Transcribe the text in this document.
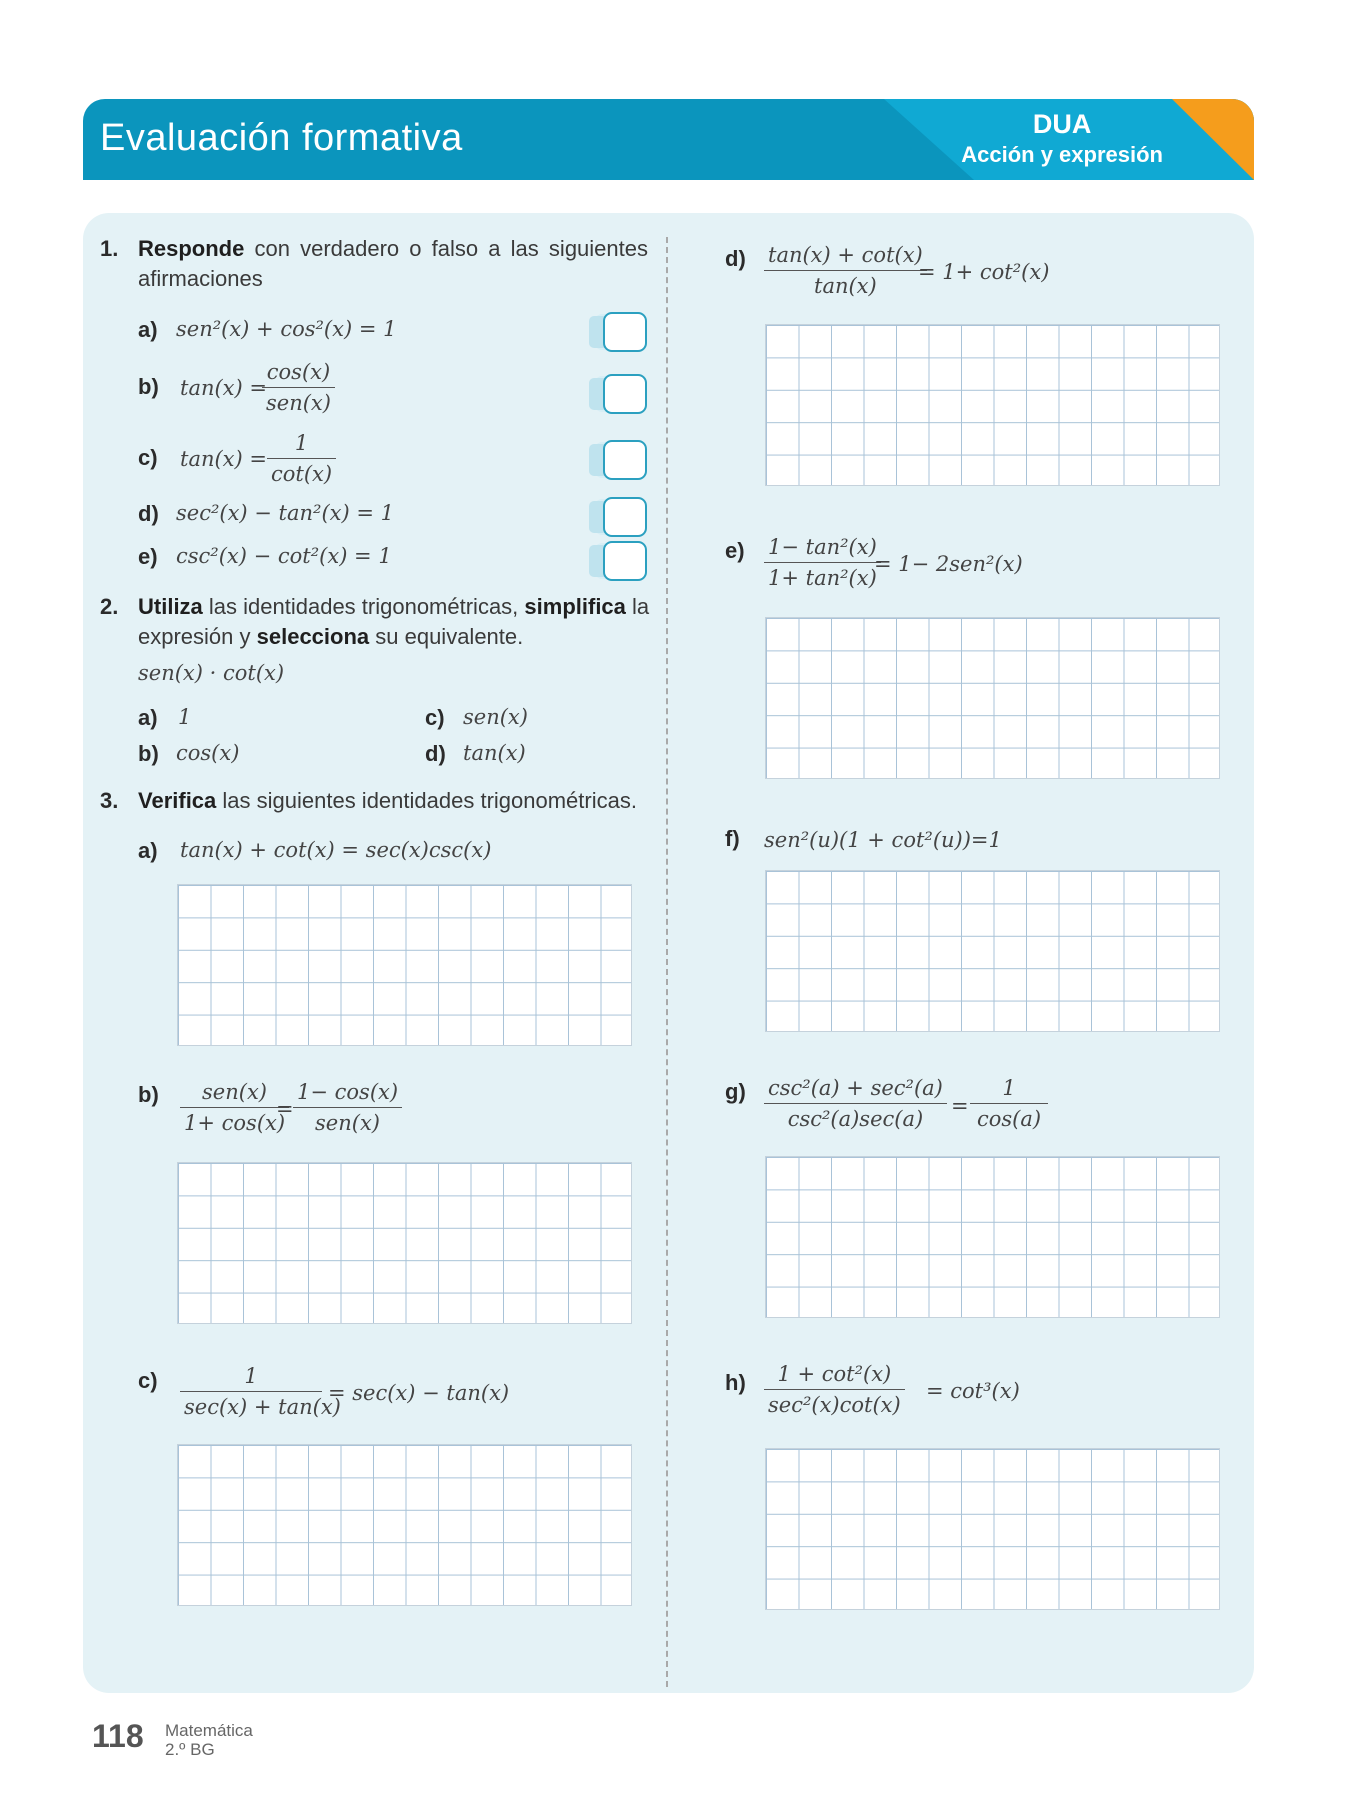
Evaluación formativa	DUA
Acción y expresión
1. Responde con verdadero o falso a las siguientes afirmaciones
a) sen²(x) + cos²(x) = 1
b) tan(x) =
cos(x)
sen(x)
c) $\tan(x) = \frac{1}{\cot(x)}$
d) sec²(x) − tan²(x) = 1
e) csc²(x) − cot²(x) = 1
2. Utiliza las identidades trigonométricas, simplifica la expresión y selecciona su equivalente.
sen(x) · cot(x)
a) 1
b) cos(x)
c) sen(x)
d) tan(x)
3. Verifica las siguientes identidades trigonométricas.
a) tan(x) + cot(x) = sec(x)csc(x)
b)	sen(x)
1+ cos(x)
=
1− cos(x)
sen(x)
c)	1
sec(x) + tan(x)
= sec(x) − tan(x)
$d) \frac{\tan(x) + \cot(x)}{\tan(x)}$
= 1+ cot²(x)
$e) \frac{\text{1− tan²(x)}}{\text{1+ tan²(x)}}$
= 1− 2sen²(x)
f) sen²(u)(1 + cot²(u))=1
g) csc²(a) + sec²(a)
csc²(a)sec(a)
= $\frac{1}{\cos(a)}$
h)	1 + cot²(x)
sec²(x)cot(x)
= cot³(x)
118 Matemática
2.º BG
